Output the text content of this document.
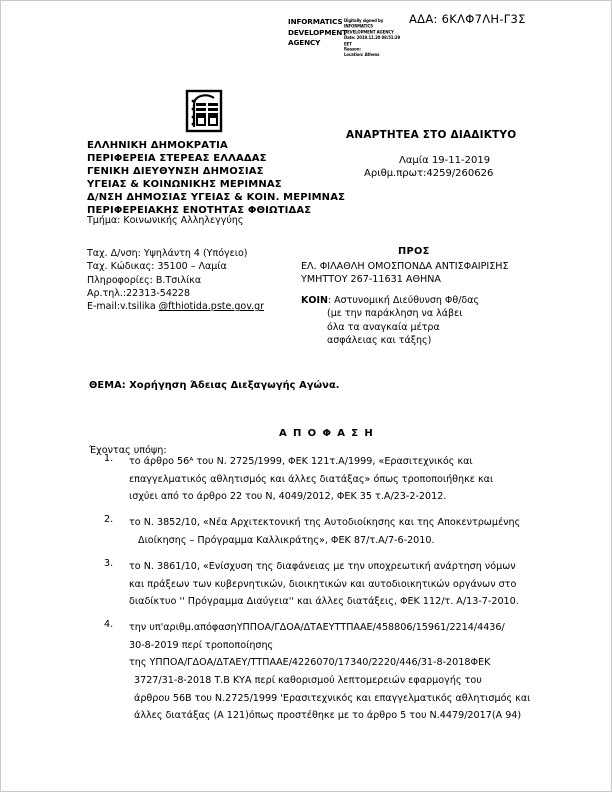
ΑΔΑ: 6ΚΛΦ7ΛΗ-Γ3Σ
INFORMATICS DEVELOPMENT AGENCY
Digitally signed by
INFORMATICS
DEVELOPMENT AGENCY
Date: 2019.11.20 08:51:29
EET
Reason:
Location: Athens
ΑΝΑΡΤΗΤΕΑ ΣΤΟ ΔΙΑΔΙΚΤΥΟ
Λαμία 19-11-2019
Αριθμ.πρωτ:4259/260626
ΕΛΛΗΝΙΚΗ ΔΗΜΟΚΡΑΤΙΑ
ΠΕΡΙΦΕΡΕΙΑ ΣΤΕΡΕΑΣ ΕΛΛΑΔΑΣ
ΓΕΝΙΚΗ ΔΙΕΥΘΥΝΣΗ ΔΗΜΟΣΙΑΣ
ΥΓΕΙΑΣ & ΚΟΙΝΩΝΙΚΗΣ ΜΕΡΙΜΝΑΣ
Δ/ΝΣΗ ΔΗΜΟΣΙΑΣ ΥΓΕΙΑΣ & ΚΟΙΝ. ΜΕΡΙΜΝΑΣ
ΠΕΡΙΦΕΡΕΙΑΚΗΣ ΕΝΟΤΗΤΑΣ ΦΘΙΩΤΙΔΑΣ
Τμήμα: Κοινωνικής Αλληλεγγύης
Ταχ. Δ/νση: Υψηλάντη 4 (Υπόγειο)
Ταχ. Κώδικας: 35100 – Λαμία
Πληροφορίες: Β.Τσιλίκα
Αρ.τηλ.:22313-54228
E-mail:v.tsilika @fthiotida.pste.gov.gr
ΠΡΟΣ
ΕΛ. ΦΙΛΑΘΛΗ ΟΜΟΣΠΟΝΔΑ ΑΝΤΙΣΦΑΙΡΙΣΗΣ
ΥΜΗΤΤΟΥ 267-11631 ΑΘΗΝΑ
ΚΟΙΝ: Αστυνομική Διεύθυνση Φθ/δας
(με την παράκληση να λάβει
όλα τα αναγκαία μέτρα
ασφάλειας και τάξης)
ΘΕΜΑ: Χορήγηση Άδειας Διεξαγωγής Αγώνα.
Α Π Ο Φ Α Σ Η
Έχοντας υπόψη:
1.	το άρθρο 56ᴬ του Ν. 2725/1999, ΦΕΚ 121τ.Α/1999, «Ερασιτεχνικός και
επαγγελματικός αθλητισμός και άλλες διατάξας» όπως τροποποιήθηκε και
ισχύει από το άρθρο 22 του Ν, 4049/2012, ΦΕΚ 35 τ.Α/23-2-2012.
2.	το Ν. 3852/10, «Νέα Αρχιτεκτονική της Αυτοδιοίκησης και της Αποκεντρωμένης
Διοίκησης – Πρόγραμμα Καλλικράτης», ΦΕΚ 87/τ.Α/7-6-2010.
3.	το Ν. 3861/10, «Ενίσχυση της διαφάνειας με την υποχρεωτική ανάρτηση νόμων
και πράξεων των κυβερνητικών, διοικητικών και αυτοδιοικητικών οργάνων στο
διαδίκτυο '' Πρόγραμμα Διαύγεια'' και άλλες διατάξεις, ΦΕΚ 112/τ. Α/13-7-2010.
4.	την υπ'αριθμ.απόφασηΥΠΠΟΑ/ΓΔΟΑ/ΔΤΑΕΥΤΤΠΑΑΕ/458806/15961/2214/4436/
30-8-2019 περί τροποποίησης
της ΥΠΠΟΑ/ΓΔΟΑ/ΔΤΑΕΥ/ΤΤΠΑΑΕ/4226070/17340/2220/446/31-8-2018ΦΕΚ
3727/31-8-2018 Τ.Β ΚΥΑ περί καθορισμού λεπτομερειών εφαρμογής του
άρθρου 56Β του Ν.2725/1999 'Ερασιτεχνικός και επαγγελματικός αθλητισμός και
άλλες διατάξας (Α 121)όπως προστέθηκε με το άρθρο 5 του Ν.4479/2017(Α 94)
